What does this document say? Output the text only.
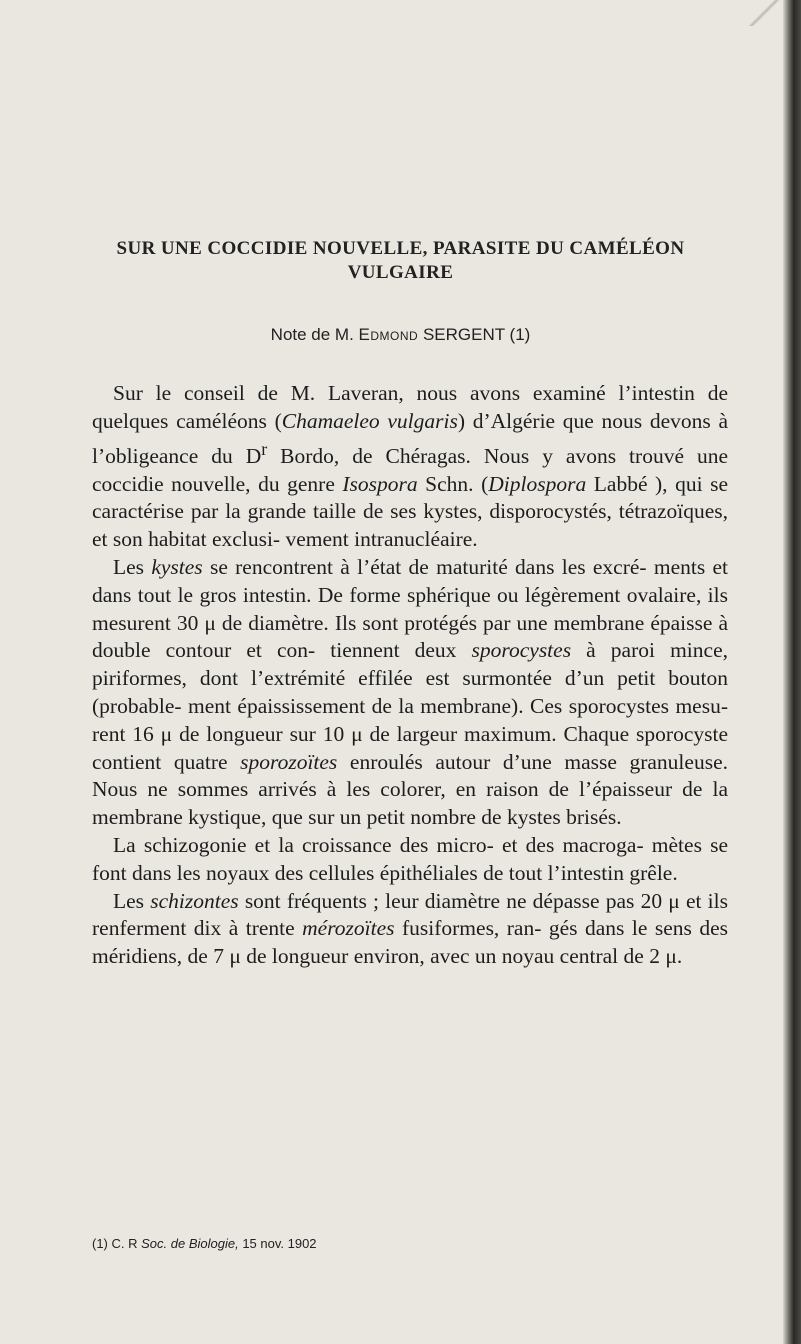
SUR UNE COCCIDIE NOUVELLE, PARASITE DU CAMÉLÉON
VULGAIRE
Note de M. Edmond SERGENT (1)

Sur le conseil de M. Laveran, nous avons examiné l’intestin de quelques caméléons (Chamaeleo vulgaris) d’Algérie que nous devons à l’obligeance du $D^r$ Bordo, de Chéragas. Nous y avons trouvé une coccidie nouvelle, du genre Isospora Schn. (Diplospora Labbé ), qui se caractérise par la grande taille de ses kystes, disporocystés, tétrazoïques, et son habitat exclusi- vement intranucléaire.

Les kystes se rencontrent à l’état de maturité dans les excré- ments et dans tout le gros intestin. De forme sphérique ou légèrement ovalaire, ils mesurent 30 μ de diamètre. Ils sont protégés par une membrane épaisse à double contour et con- tiennent deux sporocystes à paroi mince, piriformes, dont l’extrémité effilée est surmontée d’un petit bouton (probable- ment épaississement de la membrane). Ces sporocystes mesu- rent 16 μ de longueur sur 10 μ de largeur maximum. Chaque sporocyste contient quatre sporozoïtes enroulés autour d’une masse granuleuse. Nous ne sommes arrivés à les colorer, en raison de l’épaisseur de la membrane kystique, que sur un petit nombre de kystes brisés.

La schizogonie et la croissance des micro- et des macroga- mètes se font dans les noyaux des cellules épithéliales de tout l’intestin grêle.

Les schizontes sont fréquents ; leur diamètre ne dépasse pas 20 μ et ils renferment dix à trente mérozoïtes fusiformes, ran- gés dans le sens des méridiens, de 7 μ de longueur environ, avec un noyau central de 2 μ.

(1) C. R Soc. de Biologie, 15 nov. 1902
